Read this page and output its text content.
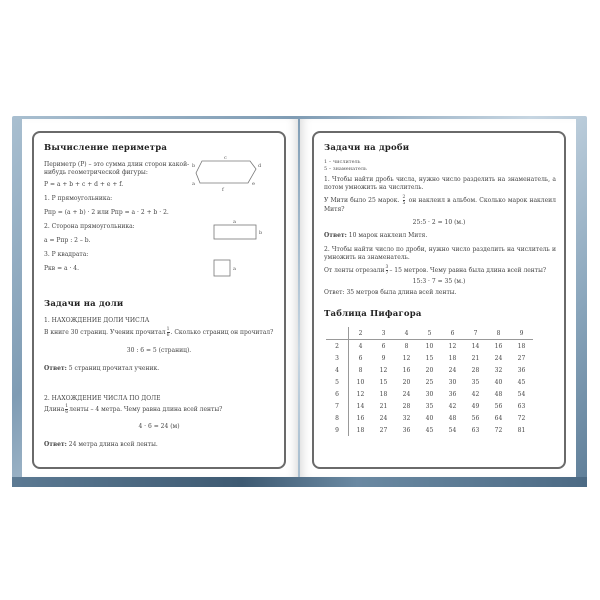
Вычисление периметра

Периметр (Р) – это сумма длин сторон какой-нибудь геометрической фигуры:

P = a + b + c + d + e + f.

1. Р прямоугольника:

Pпр = (a + b) · 2 или Pпр = a · 2 + b · 2.

2. Сторона прямоугольника:

a = Pпр : 2 – b.

3. Р квадрата:

Pкв = a · 4.

c
b	d
a	e
f
a
b
a
Задачи на доли

1. НАХОЖДЕНИЕ ДОЛИ ЧИСЛА

В книге 30 страниц. Ученик прочитал $\frac{1}{6}$ . Сколько страниц он прочитал?

30 : 6 = 5 (страниц).

Ответ: 5 страниц прочитал ученик.

2. НАХОЖДЕНИЕ ЧИСЛА ПО ДОЛЕ

Длина $\frac{1}{6}$ ленты – 4 метра. Чему равна длина всей ленты?

4 · 6 = 24 (м)

Ответ: 24 метра длина всей ленты.

Задачи на дроби

1 – числитель

5 – знаменатель

1. Чтобы найти дробь числа, нужно число разделить на знаменатель, а потом умножить на числитель.

У Мити было 25 марок. $\frac{2}{5}$ он наклеил в альбом. Сколько марок наклеил Митя?

25:5 · 2 = 10 (м.)

Ответ: 10 марок наклеил Митя.

2. Чтобы найти число по дроби, нужно число разделить на числитель и умножить на знаменатель.

От ленты отрезали $\frac{3}{7} - 15$ метров. Чему равна была длина всей ленты?

15:3 · 7 = 35 (м.)

Ответ: 35 метров была длина всей ленты.

Таблица Пифагора
	2	3	4	5	6	7	8	9
2	4	6	8	10	12	14	16	18
3	6	9	12	15	18	21	24	27
4	8	12	16	20	24	28	32	36
5	10	15	20	25	30	35	40	45
6	12	18	24	30	36	42	48	54
7	14	21	28	35	42	49	56	63
8	16	24	32	40	48	56	64	72
9	18	27	36	45	54	63	72	81
